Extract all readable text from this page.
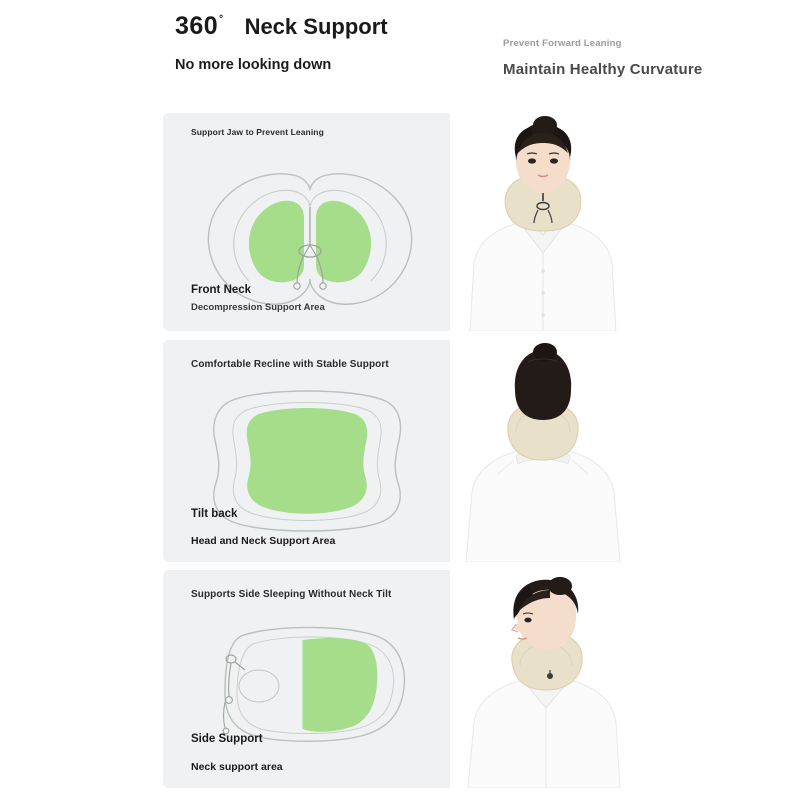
360 ˚ Neck Support
No more looking down
Prevent Forward Leaning
Maintain Healthy Curvature
Support Jaw to Prevent Leaning
Front Neck
Decompression Support Area
Comfortable Recline with Stable Support
Tilt back
Head and Neck Support Area
Supports Side Sleeping Without Neck Tilt
Side Support
Neck support area
